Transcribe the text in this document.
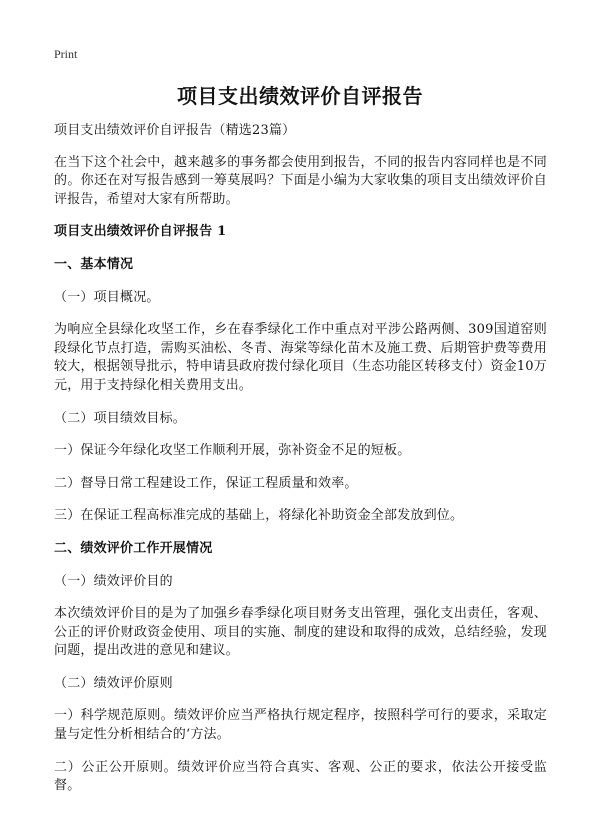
Print
项目支出绩效评价自评报告

项目支出绩效评价自评报告（精选23篇）

在当下这个社会中，越来越多的事务都会使用到报告，不同的报告内容同样也是不同的。你还在对写报告感到一筹莫展吗？下面是小编为大家收集的项目支出绩效评价自评报告，希望对大家有所帮助。

项目支出绩效评价自评报告 1

一、基本情况

（一）项目概况。

为响应全县绿化攻坚工作，乡在春季绿化工作中重点对平涉公路两侧、309国道窑则段绿化节点打造，需购买油松、冬青、海棠等绿化苗木及施工费、后期管护费等费用较大，根据领导批示，特申请县政府拨付绿化项目（生态功能区转移支付）资金10万元，用于支持绿化相关费用支出。

（二）项目绩效目标。

一）保证今年绿化攻坚工作顺利开展，弥补资金不足的短板。

二）督导日常工程建设工作，保证工程质量和效率。

三）在保证工程高标准完成的基础上，将绿化补助资金全部发放到位。

二、绩效评价工作开展情况

（一）绩效评价目的

本次绩效评价目的是为了加强乡春季绿化项目财务支出管理，强化支出责任，客观、公正的评价财政资金使用、项目的实施、制度的建设和取得的成效，总结经验，发现问题，提出改进的意见和建议。

（二）绩效评价原则

一）科学规范原则。绩效评价应当严格执行规定程序，按照科学可行的要求，采取定量与定性分析相结合的‘方法。

二）公正公开原则。绩效评价应当符合真实、客观、公正的要求，依法公开接受监督。
